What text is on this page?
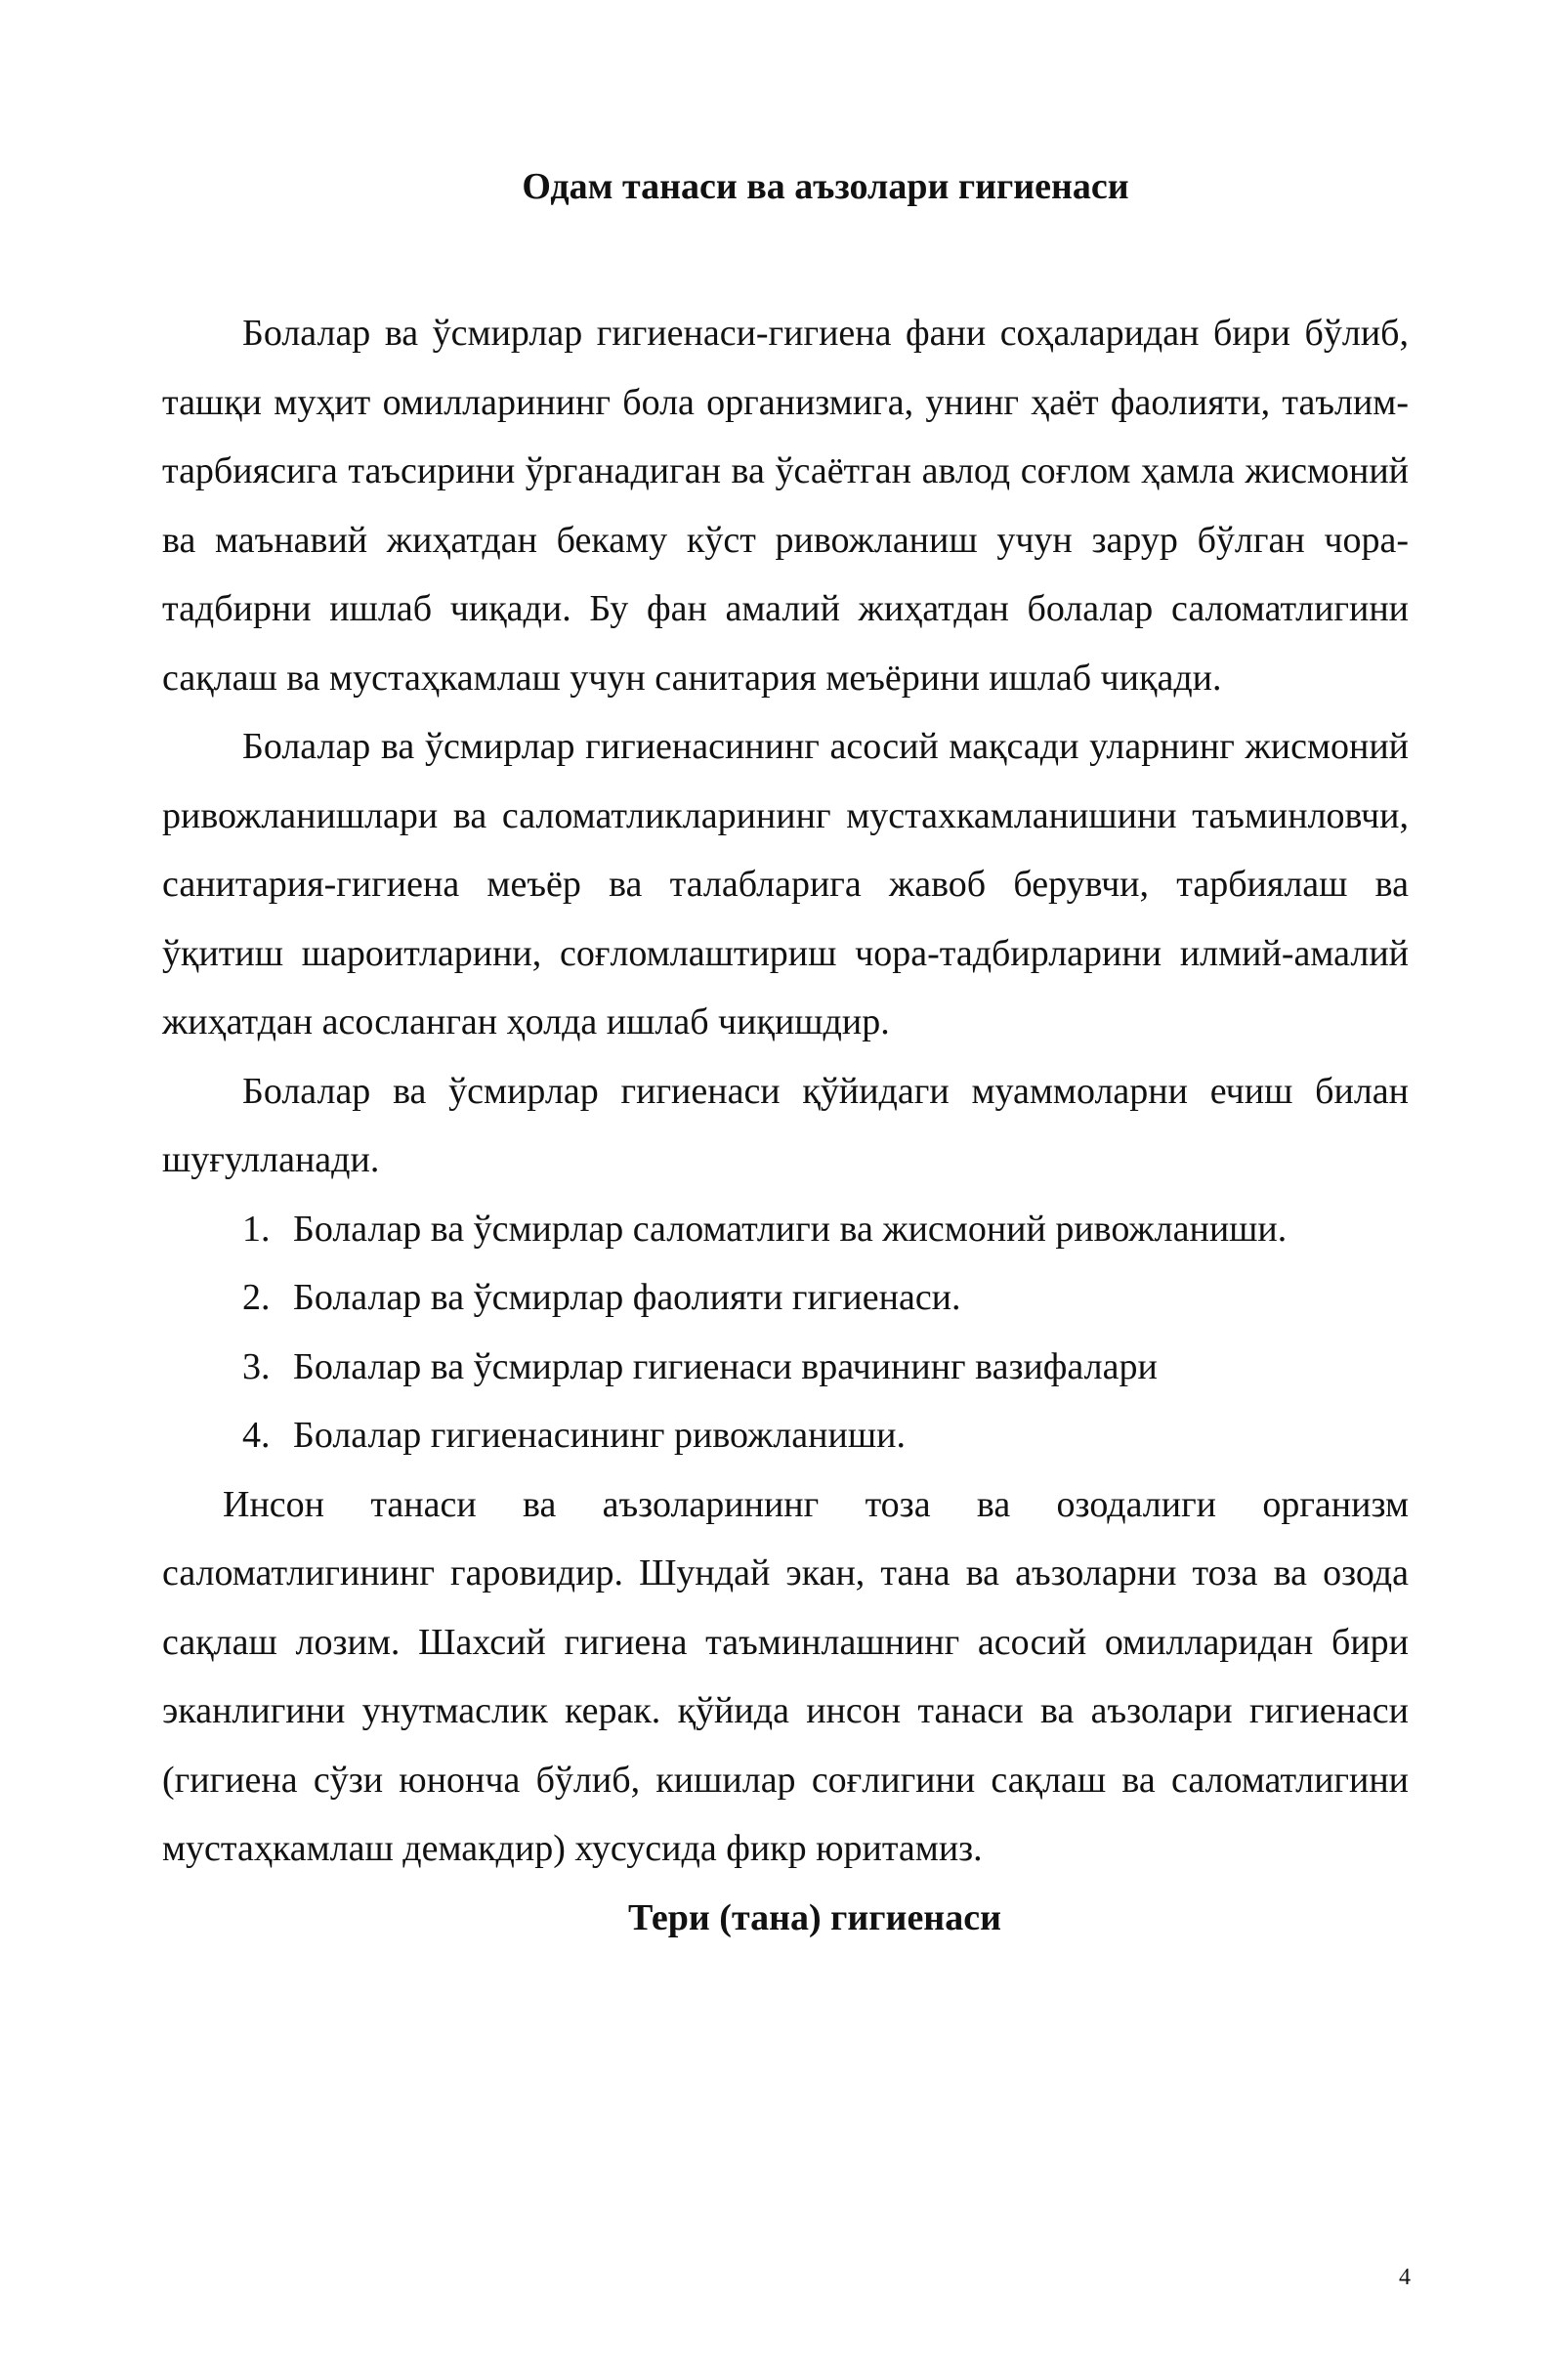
Одам танаси ва аъзолари гигиенаси

Болалар ва ўсмирлар гигиенаси-гигиена фани соҳаларидан бири бўлиб, ташқи муҳит омилларининг бола организмига, унинг ҳаёт фаолияти, таълим-тарбиясига таъсирини ўрганадиган ва ўсаётган авлод соғлом ҳамла жисмоний ва маънавий жиҳатдан бекаму кўст ривожланиш учун зарур бўлган чора-тадбирни ишлаб чиқади. Бу фан амалий жиҳатдан болалар саломатлигини сақлаш ва мустаҳкамлаш учун санитария меъёрини ишлаб чиқади.

Болалар ва ўсмирлар гигиенасининг асосий мақсади уларнинг жисмоний ривожланишлари ва саломатликларининг мустахкамланишини таъминловчи, санитария-гигиена меъёр ва талабларига жавоб берувчи, тарбиялаш ва ўқитиш шароитларини, соғломлаштириш чора-тадбирларини илмий-амалий жиҳатдан асосланган ҳолда ишлаб чиқишдир.

Болалар ва ўсмирлар гигиенаси қўйидаги муаммоларни ечиш билан шуғулланади.

1. Болалар ва ўсмирлар саломатлиги ва жисмоний ривожланиши.
2. Болалар ва ўсмирлар фаолияти гигиенаси.
3. Болалар ва ўсмирлар гигиенаси врачининг вазифалари
4. Болалар гигиенасининг ривожланиши.

Инсон танаси ва аъзоларининг тоза ва озодалиги организм саломатлигининг гаровидир. Шундай экан, тана ва аъзоларни тоза ва озода сақлаш лозим. Шахсий гигиена таъминлашнинг асосий омилларидан бири эканлигини унутмаслик керак. қўйида инсон танаси ва аъзолари гигиенаси (гигиена сўзи юнонча бўлиб, кишилар соғлигини сақлаш ва саломатлигини мустаҳкамлаш демакдир) хусусида фикр юритамиз.

Тери (тана) гигиенаси
4
